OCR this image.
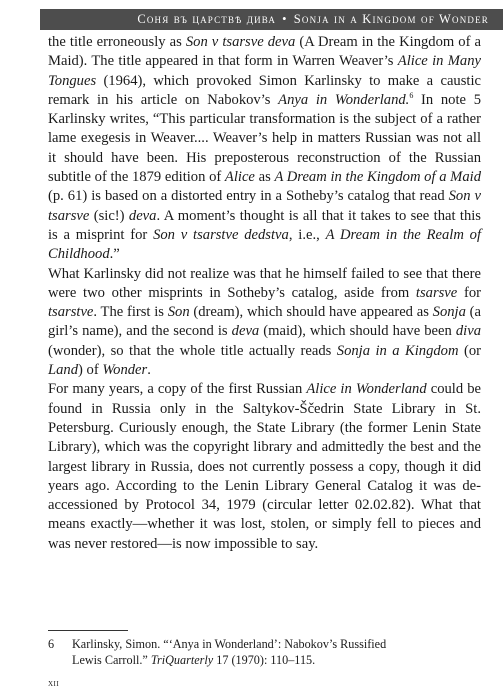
Соня въ царствѣ дива • Sonja in a Kingdom of Wonder

the title erroneously as Son v tsarsve deva (A Dream in the Kingdom of a Maid). The title appeared in that form in Warren Weaver’s Alice in Many Tongues (1964), which provoked Simon Karlinsky to make a caustic remark in his article on Nabokov’s Anya in Wonderland.$^6$ In note 5 Karlinsky writes, “This particular transformation is the subject of a rather lame exegesis in Weaver.... Weaver’s help in matters Russian was not all it should have been. His preposterous reconstruction of the Russian subtitle of the 1879 edition of Alice as A Dream in the Kingdom of a Maid (p. 61) is based on a distorted entry in a Sotheby’s catalog that read Son v tsarsve (sic!) deva. A moment’s thought is all that it takes to see that this is a misprint for Son v tsarstve dedstva, i.e., A Dream in the Realm of Childhood.”

What Karlinsky did not realize was that he himself failed to see that there were two other misprints in Sotheby’s catalog, aside from tsarsve for tsarstve. The first is Son (dream), which should have appeared as Sonja (a girl’s name), and the second is deva (maid), which should have been diva (wonder), so that the whole title actually reads Sonja in a Kingdom (or Land) of Wonder.

For many years, a copy of the first Russian Alice in Wonderland could be found in Russia only in the Saltykov-Ščedrin State Library in St. Petersburg. Curiously enough, the State Library (the former Lenin State Library), which was the copyright library and admittedly the best and the largest library in Russia, does not currently possess a copy, though it did years ago. According to the Lenin Library General Catalog it was de-accessioned by Protocol 34, 1979 (circular letter 02.02.82). What that means exactly—whether it was lost, stolen, or simply fell to pieces and was never restored—is now impossible to say.

6 Karlinsky, Simon. “‘Anya in Wonderland’: Nabokov’s Russified
Lewis Carroll.” TriQuarterly 17 (1970): 110–115.
xii
